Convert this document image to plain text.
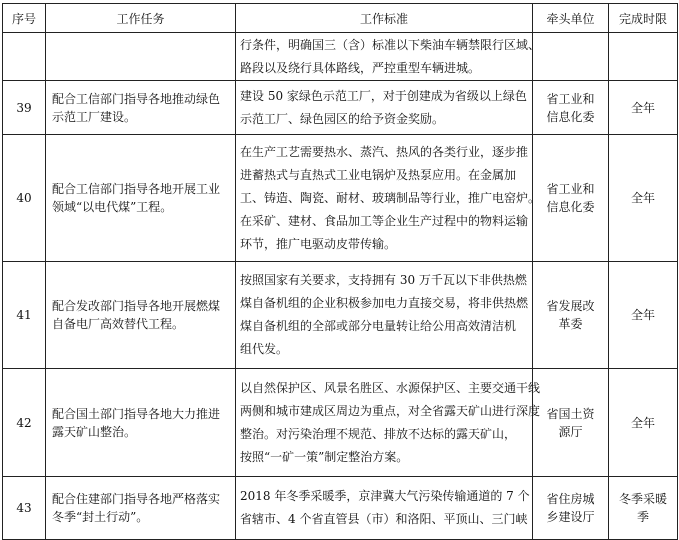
序号	工作任务	工作标准	牵头单位	完成时限

		行条件，明确国三（含）标准以下柴油车辆禁限行区域、
路段以及绕行具体路线，严控重型车辆进城。		

39	配合工信部门指导各地推动绿色
示范工厂建设。	建设 50 家绿色示范工厂，对于创建成为省级以上绿色
示范工厂、绿色园区的给予资金奖励。	省工业和
信息化委	全年

40	配合工信部门指导各地开展工业
领域“以电代煤”工程。	在生产工艺需要热水、蒸汽、热风的各类行业，逐步推
进蓄热式与直热式工业电锅炉及热泵应用。在金属加
工、铸造、陶瓷、耐材、玻璃制品等行业，推广电窑炉。
在采矿、建材、食品加工等企业生产过程中的物料运输
环节，推广电驱动皮带传输。	省工业和
信息化委	全年

41	配合发改部门指导各地开展燃煤
自备电厂高效替代工程。	按照国家有关要求，支持拥有 30 万千瓦以下非供热燃
煤自备机组的企业积极参加电力直接交易，将非供热燃
煤自备机组的全部或部分电量转让给公用高效清洁机
组代发。	省发展改
革委	全年

42	配合国土部门指导各地大力推进
露天矿山整治。	以自然保护区、风景名胜区、水源保护区、主要交通干线
两侧和城市建成区周边为重点，对全省露天矿山进行深度
整治。对污染治理不规范、排放不达标的露天矿山，
按照“一矿一策”制定整治方案。	省国土资
源厅	全年

43	配合住建部门指导各地严格落实
冬季“封土行动”。	2018 年冬季采暖季，京津冀大气污染传输通道的 7 个
省辖市、4 个省直管县（市）和洛阳、平顶山、三门峡	省住房城
乡建设厅	冬季采暖
季
